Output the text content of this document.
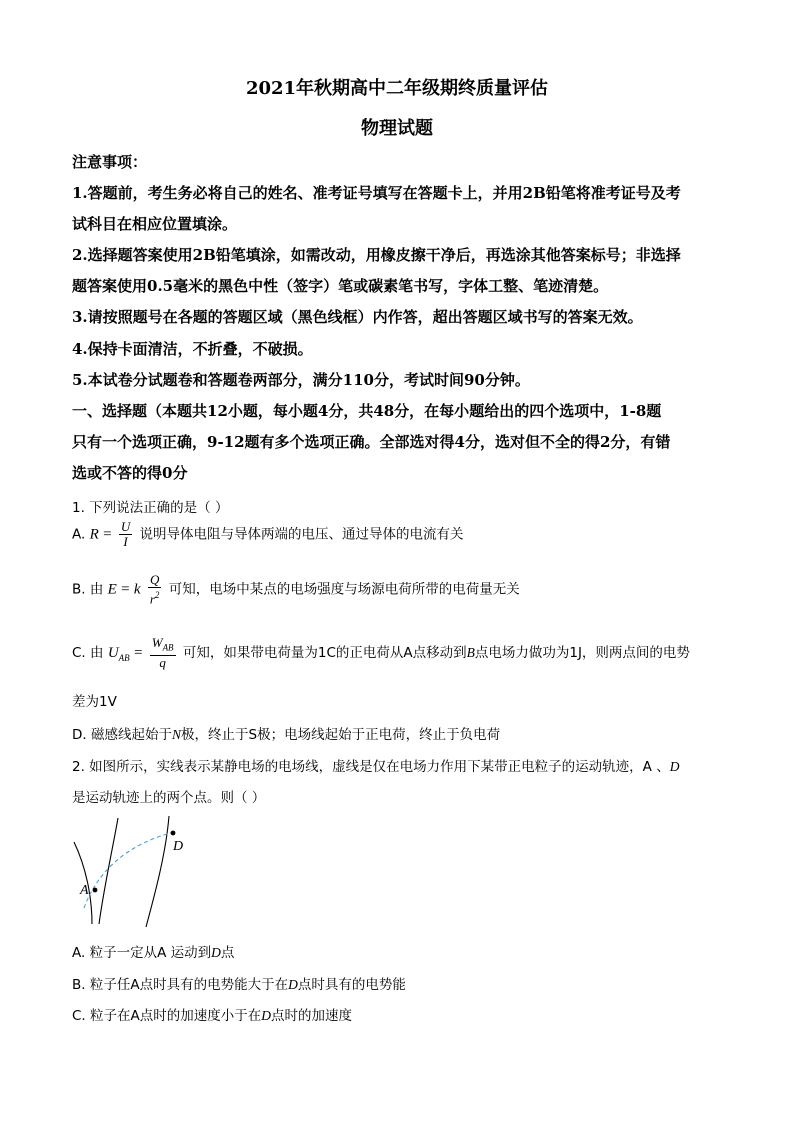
2021年秋期高中二年级期终质量评估
物理试题
注意事项：
1.答题前，考生务必将自己的姓名、准考证号填写在答题卡上，并用2B铅笔将准考证号及考
试科目在相应位置填涂。
2.选择题答案使用2B铅笔填涂，如需改动，用橡皮擦干净后，再选涂其他答案标号；非选择
题答案使用0.5毫米的黑色中性（签字）笔或碳素笔书写，字体工整、笔迹清楚。
3.请按照题号在各题的答题区域（黑色线框）内作答，超出答题区域书写的答案无效。
4.保持卡面清洁，不折叠，不破损。
5.本试卷分试题卷和答题卷两部分，满分110分，考试时间90分钟。
一、选择题（本题共12小题，每小题4分，共48分，在每小题给出的四个选项中，1-8题
只有一个选项正确，9-12题有多个选项正确。全部选对得4分，选对但不全的得2分，有错
选或不答的得0分
1. 下列说法正确的是（ ）
A. $R = \frac{U}{I}$ 说明导体电阻与导体两端的电压、通过导体的电流有关
B. 由 E = k $\frac{Q}{r^2}$ 可知，电场中某点的电场强度与场源电荷所带的电荷量无关
C. 由 $U_{AB} = \frac{W_{AB}}{q}$ 可知，如果带电荷量为1C的正电荷从A点移动到B点电场力做功为1J，则两点间的电势
差为1V
D. 磁感线起始于N极，终止于S极；电场线起始于正电荷，终止于负电荷
2. 如图所示，实线表示某静电场的电场线，虚线是仅在电场力作用下某带正电粒子的运动轨迹，A 、D
是运动轨迹上的两个点。则（ ）
A
D
A. 粒子一定从A 运动到D点
B. 粒子任A点时具有的电势能大于在D点时具有的电势能
C. 粒子在A点时的加速度小于在D点时的加速度
